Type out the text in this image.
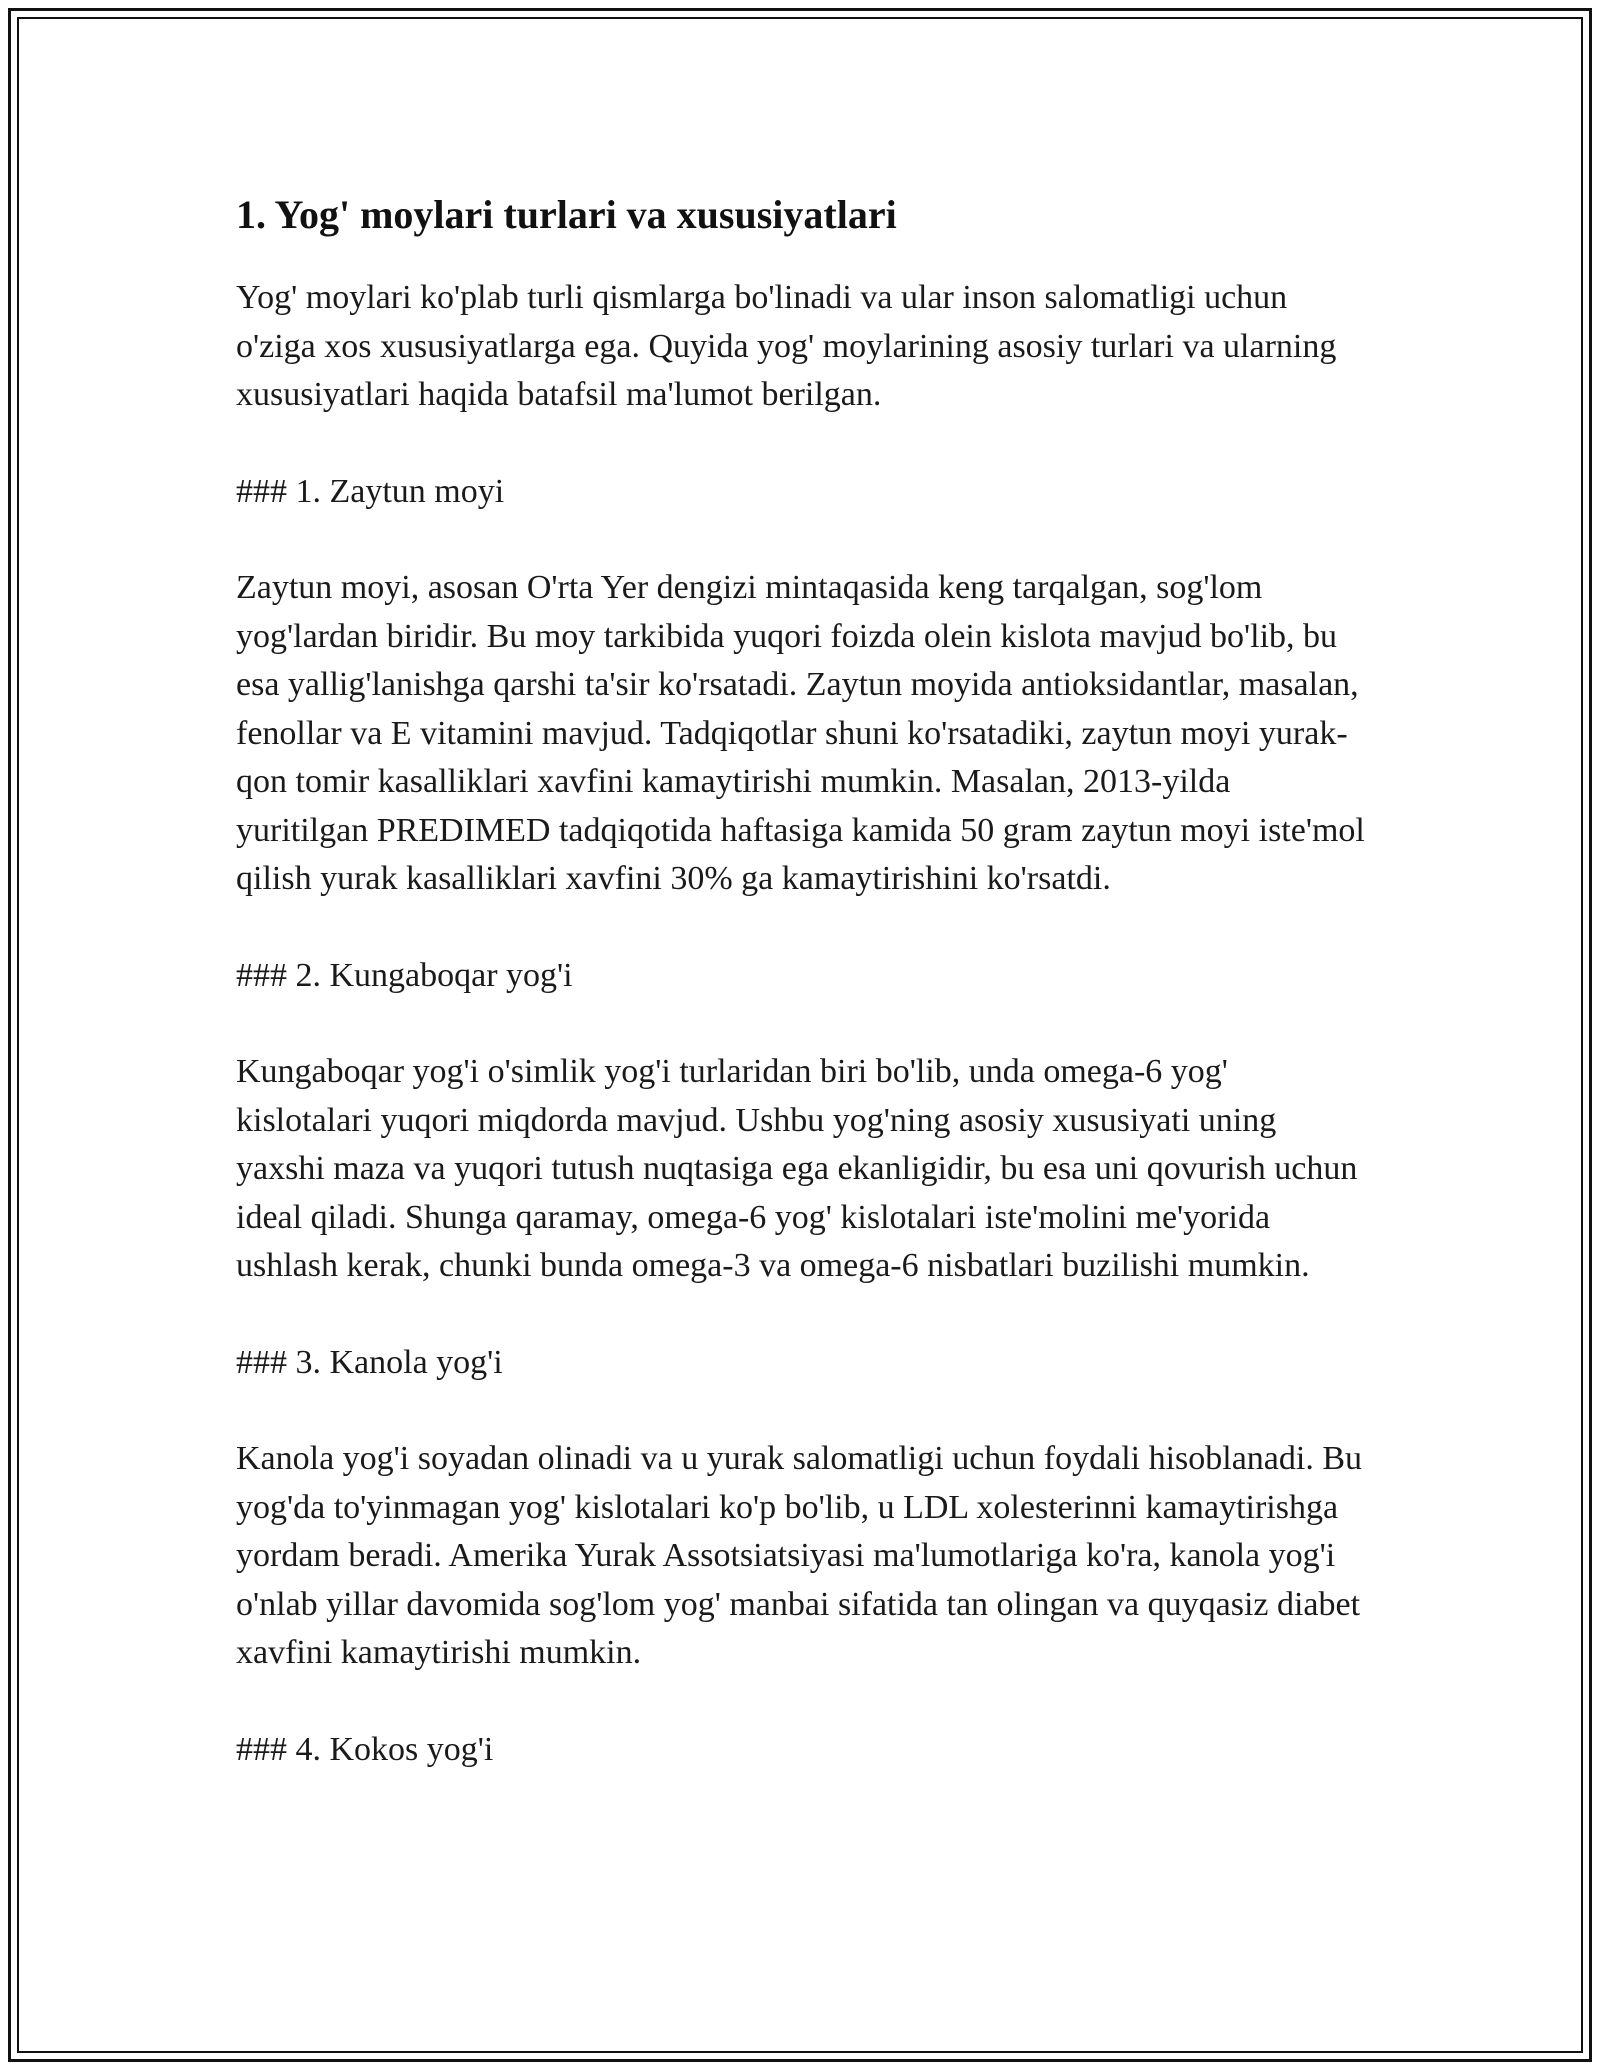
1. Yog' moylari turlari va xususiyatlari

Yog' moylari ko'plab turli qismlarga bo'linadi va ular inson salomatligi uchun o'ziga xos xususiyatlarga ega. Quyida yog' moylarining asosiy turlari va ularning xususiyatlari haqida batafsil ma'lumot berilgan.

### 1. Zaytun moyi

Zaytun moyi, asosan O'rta Yer dengizi mintaqasida keng tarqalgan, sog'lom yog'lardan biridir. Bu moy tarkibida yuqori foizda olein kislota mavjud bo'lib, bu esa yallig'lanishga qarshi ta'sir ko'rsatadi. Zaytun moyida antioksidantlar, masalan, fenollar va E vitamini mavjud. Tadqiqotlar shuni ko'rsatadiki, zaytun moyi yurak-qon tomir kasalliklari xavfini kamaytirishi mumkin. Masalan, 2013-yilda yuritilgan PREDIMED tadqiqotida haftasiga kamida 50 gram zaytun moyi iste'mol qilish yurak kasalliklari xavfini 30% ga kamaytirishini ko'rsatdi.

### 2. Kungaboqar yog'i

Kungaboqar yog'i o'simlik yog'i turlaridan biri bo'lib, unda omega-6 yog' kislotalari yuqori miqdorda mavjud. Ushbu yog'ning asosiy xususiyati uning yaxshi maza va yuqori tutush nuqtasiga ega ekanligidir, bu esa uni qovurish uchun ideal qiladi. Shunga qaramay, omega-6 yog' kislotalari iste'molini me'yorida ushlash kerak, chunki bunda omega-3 va omega-6 nisbatlari buzilishi mumkin.

### 3. Kanola yog'i

Kanola yog'i soyadan olinadi va u yurak salomatligi uchun foydali hisoblanadi. Bu yog'da to'yinmagan yog' kislotalari ko'p bo'lib, u LDL xolesterinni kamaytirishga yordam beradi. Amerika Yurak Assotsiatsiyasi ma'lumotlariga ko'ra, kanola yog'i o'nlab yillar davomida sog'lom yog' manbai sifatida tan olingan va quyqasiz diabet xavfini kamaytirishi mumkin.

### 4. Kokos yog'i
